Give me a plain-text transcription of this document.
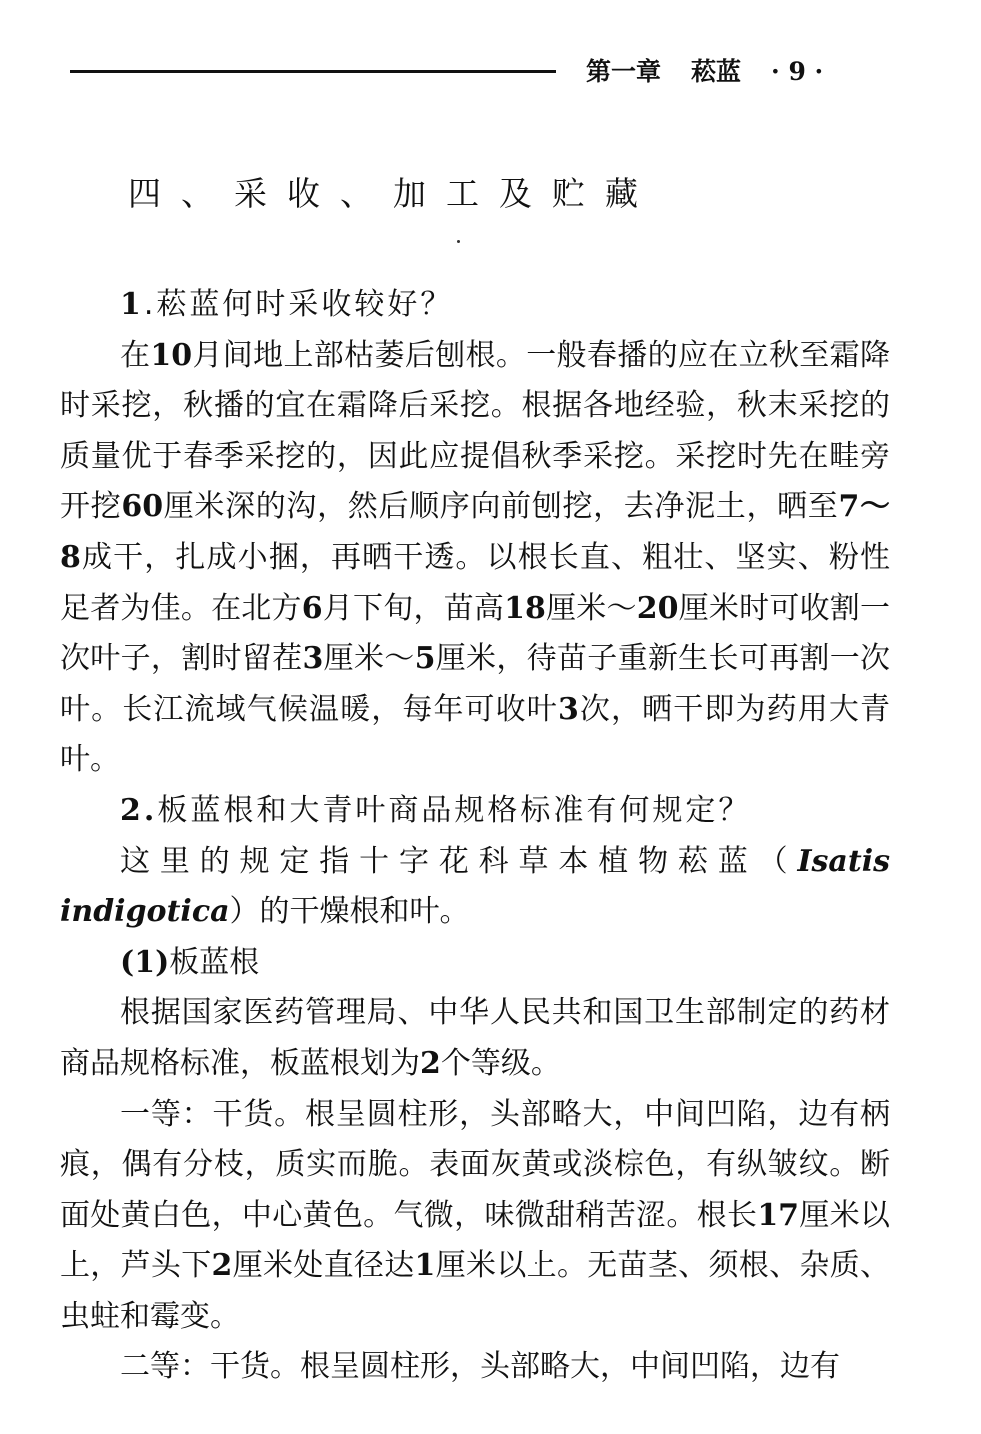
第一章 菘蓝 · 9 ·
四、采收、加工及贮藏

1.菘蓝何时采收较好？

在10月间地上部枯萎后刨根。一般春播的应在立秋至霜降时采挖，秋播的宜在霜降后采挖。根据各地经验，秋末采挖的质量优于春季采挖的，因此应提倡秋季采挖。采挖时先在畦旁开挖60厘米深的沟，然后顺序向前刨挖，去净泥土，晒至7～8成干，扎成小捆，再晒干透。以根长直、粗壮、坚实、粉性足者为佳。在北方6月下旬，苗高18厘米～20厘米时可收割一次叶子，割时留茬3厘米～5厘米，待苗子重新生长可再割一次叶。长江流域气候温暖，每年可收叶3次，晒干即为药用大青叶。

2.板蓝根和大青叶商品规格标准有何规定？

这里的规定指十字花科草本植物菘蓝（Isatis indigotica）的干燥根和叶。

(1)板蓝根

根据国家医药管理局、中华人民共和国卫生部制定的药材商品规格标准，板蓝根划为2个等级。

一等：干货。根呈圆柱形，头部略大，中间凹陷，边有柄痕，偶有分枝，质实而脆。表面灰黄或淡棕色，有纵皱纹。断面处黄白色，中心黄色。气微，味微甜稍苦涩。根长17厘米以上，芦头下2厘米处直径达1厘米以上。无苗茎、须根、杂质、虫蛀和霉变。

二等：干货。根呈圆柱形，头部略大，中间凹陷，边有
